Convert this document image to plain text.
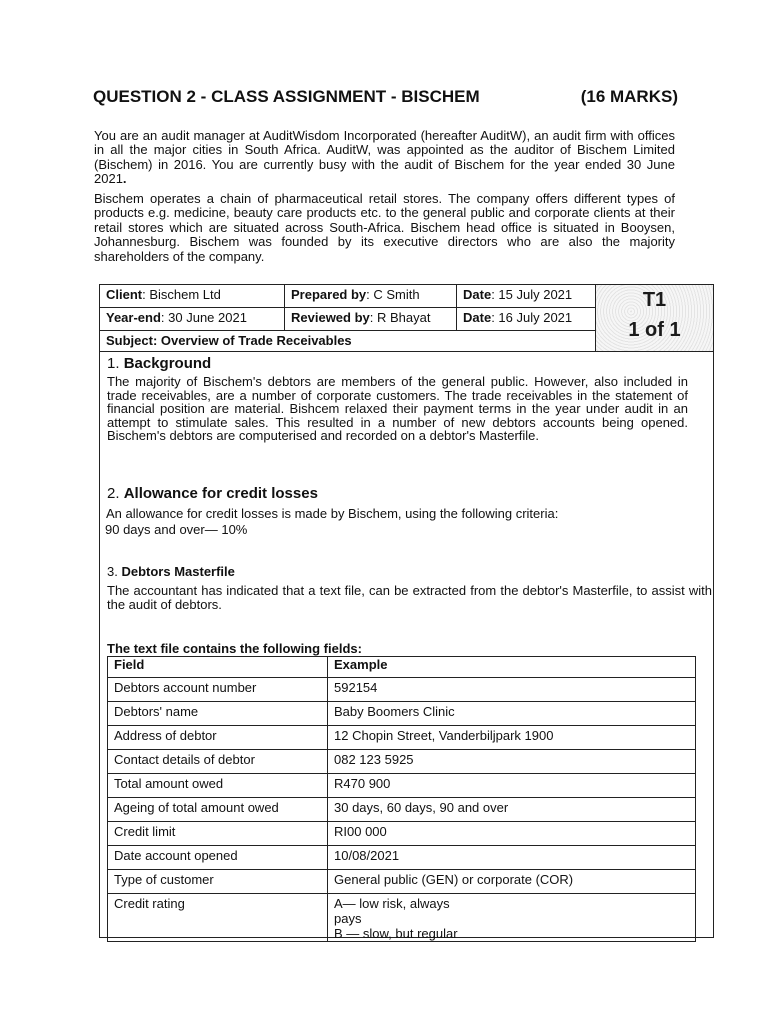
QUESTION 2 - CLASS ASSIGNMENT - BISCHEM	(16 MARKS)
You are an audit manager at AuditWisdom Incorporated (hereafter AuditW), an audit firm with offices in all the major cities in South Africa. AuditW, was appointed as the auditor of Bischem Limited (Bischem) in 2016. You are currently busy with the audit of Bischem for the year ended 30 June 2021.
Bischem operates a chain of pharmaceutical retail stores. The company offers different types of products e.g. medicine, beauty care products etc. to the general public and corporate clients at their retail stores which are situated across South-Africa. Bischem head office is situated in Booysen, Johannesburg. Bischem was founded by its executive directors who are also the majority shareholders of the company.
Client: Bischem Ltd	Prepared by: C Smith	Date: 15 July 2021
Year-end: 30 June 2021	Reviewed by: R Bhayat	Date: 16 July 2021
Subject: Overview of Trade Receivables
T1
1 of 1
1. Background
The majority of Bischem's debtors are members of the general public. However, also included in trade receivables, are a number of corporate customers. The trade receivables in the statement of financial position are material. Bishcem relaxed their payment terms in the year under audit in an attempt to stimulate sales. This resulted in a number of new debtors accounts being opened. Bischem's debtors are computerised and recorded on a debtor's Masterfile.
2. Allowance for credit losses
An allowance for credit losses is made by Bischem, using the following criteria:
90 days and over— 10%
3. Debtors Masterfile
The accountant has indicated that a text file, can be extracted from the debtor's Masterfile, to assist with the audit of debtors.
The text file contains the following fields:
Field	Example
Debtors account number	592154
Debtors' name	Baby Boomers Clinic
Address of debtor	12 Chopin Street, Vanderbiljpark 1900
Contact details of debtor	082 123 5925
Total amount owed	R470 900
Ageing of total amount owed	30 days, 60 days, 90 and over
Credit limit	RI00 000
Date account opened	10/08/2021
Type of customer	General public (GEN) or corporate (COR)
Credit rating	A— low risk, always pays
B — slow, but regular
